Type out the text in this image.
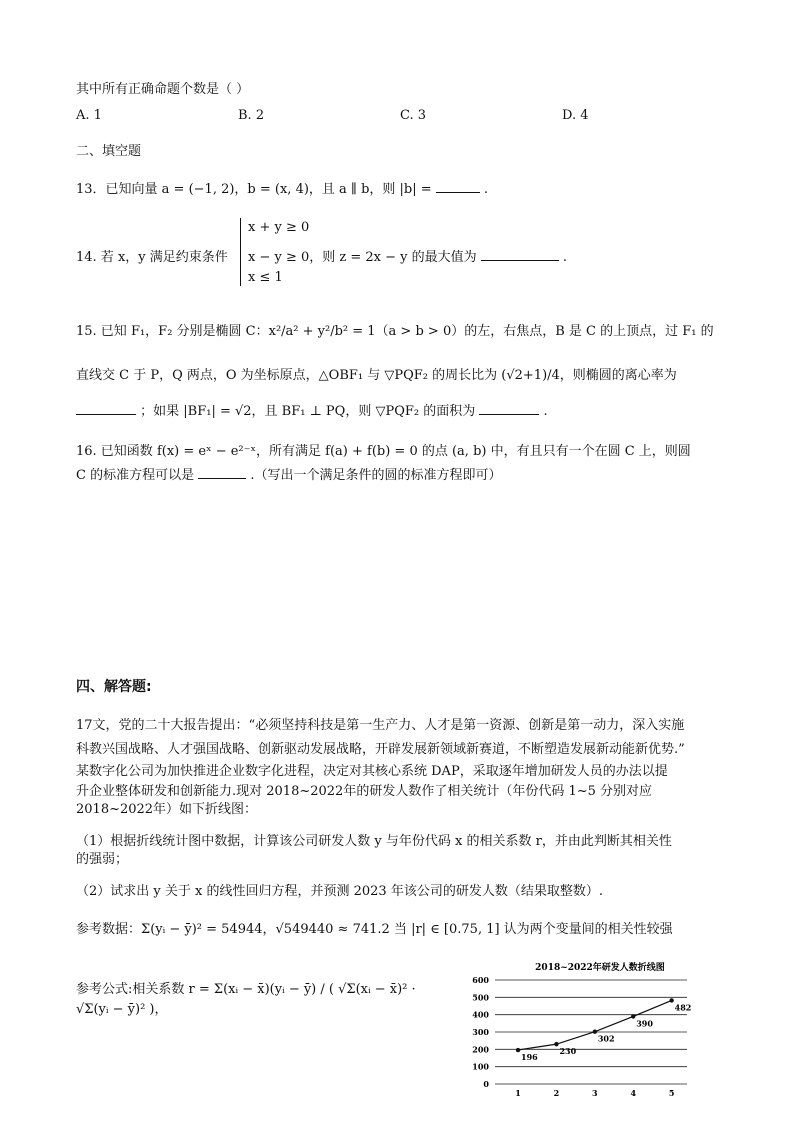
其中所有正确命题个数是（ ）
A. 1	B. 2	C. 3	D. 4
二、填空题
13．已知向量 a = (−1, 2)，b = (x, 4)，且 a ∥ b，则 |b| =	.
14. 若 x，y 满足约束条件
x + y ≥ 0
x − y ≥ 0，则 z = 2x − y 的最大值为	.
x ≤ 1
15. 已知 F₁，F₂ 分别是椭圆 C：x²/a² + y²/b² = 1（a > b > 0）的左，右焦点，B 是 C 的上顶点，过 F₁ 的
直线交 C 于 P，Q 两点，O 为坐标原点，△OBF₁ 与 ▽PQF₂ 的周长比为 (√2+1)/4，则椭圆的离心率为
；如果 |BF₁| = √2，且 BF₁ ⊥ PQ，则 ▽PQF₂ 的面积为	.
16. 已知函数 f(x) = eˣ − e²⁻ˣ，所有满足 f(a) + f(b) = 0 的点 (a, b) 中，有且只有一个在圆 C 上，则圆
C 的标准方程可以是	.（写出一个满足条件的圆的标准方程即可）
四、解答题:
17文，党的二十大报告提出：“必须坚持科技是第一生产力、人才是第一资源、创新是第一动力，深入实施
科教兴国战略、人才强国战略、创新驱动发展战略，开辟发展新领域新赛道，不断塑造发展新动能新优势.”
某数字化公司为加快推进企业数字化进程，决定对其核心系统 DAP，采取逐年增加研发人员的办法以提
升企业整体研发和创新能力.现对 2018~2022年的研发人数作了相关统计（年份代码 1~5 分别对应
2018~2022年）如下折线图：
（1）根据折线统计图中数据，计算该公司研发人数 y 与年份代码 x 的相关系数 r，并由此判断其相关性
的强弱；
（2）试求出 y 关于 x 的线性回归方程，并预测 2023 年该公司的研发人数（结果取整数）.
参考数据：Σ(yᵢ − ȳ)² = 54944，√549440 ≈ 741.2 当 |r| ∈ [0.75, 1] 认为两个变量间的相关性较强
参考公式:相关系数 r = Σ(xᵢ − x̄)(yᵢ − ȳ) / ( √Σ(xᵢ − x̄)² · √Σ(yᵢ − ȳ)² )，
2018~2022年研发人数折线图
0
100
200
300
400
500
600
1	2	3	4	5
196
230
302
390
482
